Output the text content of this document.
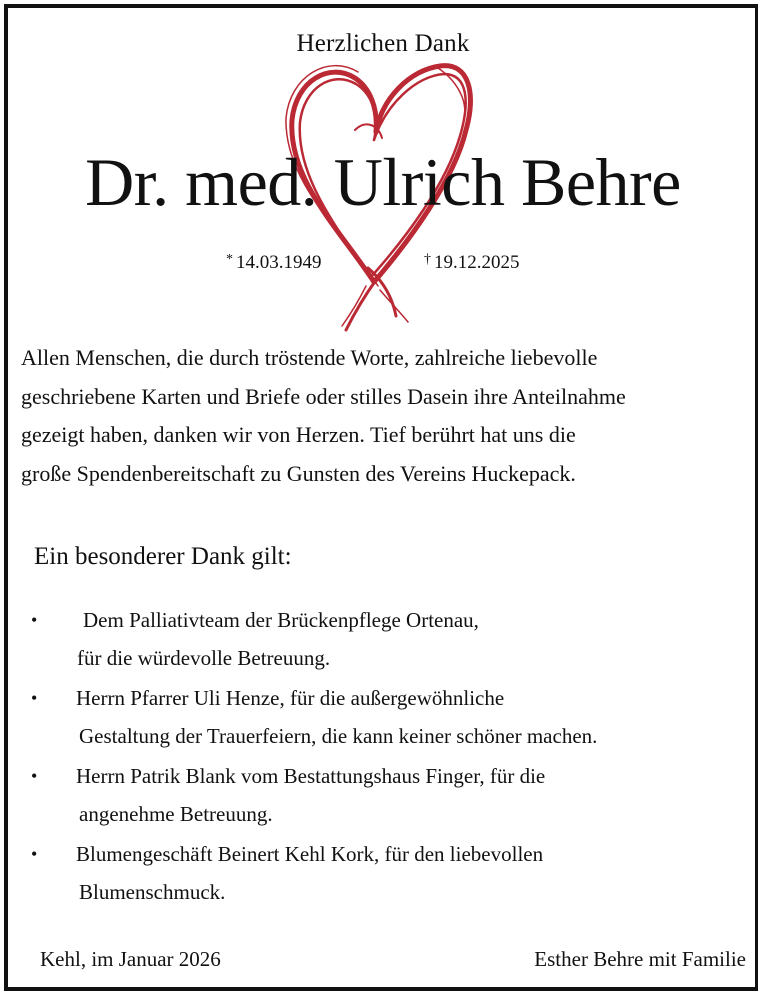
Herzlichen Dank
Dr. med. Ulrich Behre
* 14.03.1949	† 19.12.2025
Allen Menschen, die durch tröstende Worte, zahlreiche liebevolle
geschriebene Karten und Briefe oder stilles Dasein ihre Anteilnahme
gezeigt haben, danken wir von Herzen. Tief berührt hat uns die
große Spendenbereitschaft zu Gunsten des Vereins Huckepack.
Ein besonderer Dank gilt:
• Dem Palliativteam der Brückenpflege Ortenau,
für die würdevolle Betreuung.
• Herrn Pfarrer Uli Henze, für die außergewöhnliche
Gestaltung der Trauerfeiern, die kann keiner schöner machen.
• Herrn Patrik Blank vom Bestattungshaus Finger, für die
angenehme Betreuung.
• Blumengeschäft Beinert Kehl Kork, für den liebevollen
Blumenschmuck.
Kehl, im Januar 2026	Esther Behre mit Familie
